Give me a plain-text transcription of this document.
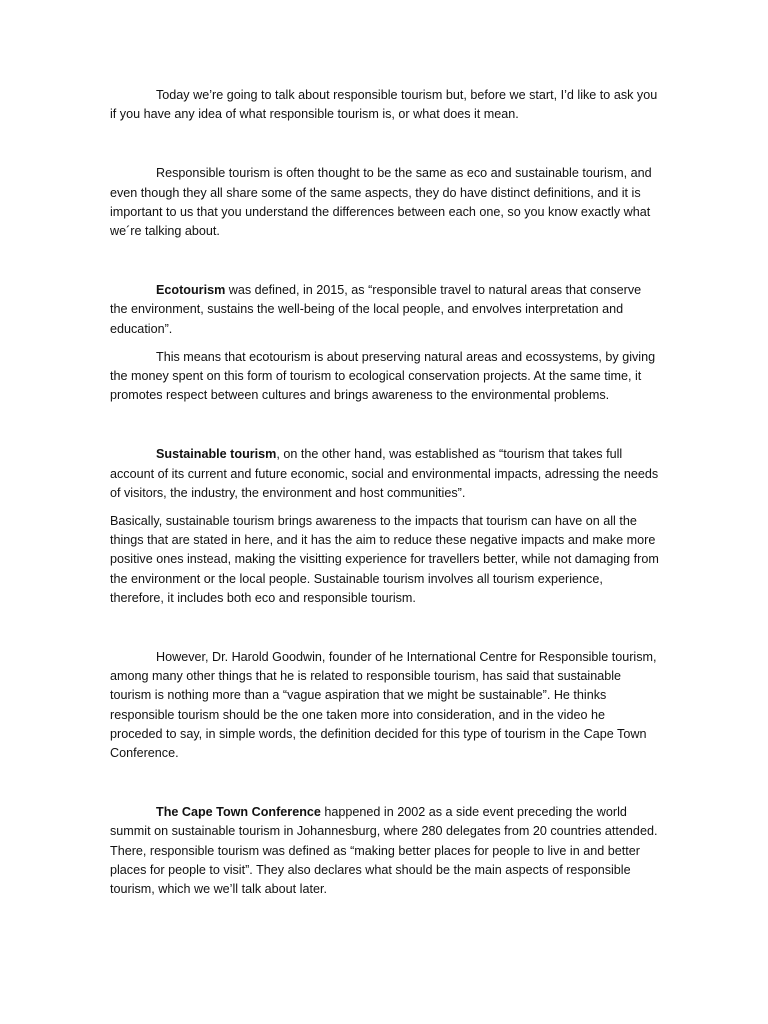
Today we’re going to talk about responsible tourism but, before we start, I’d like to ask you if you have any idea of what responsible tourism is, or what does it mean.

Responsible tourism is often thought to be the same as eco and sustainable tourism, and even though they all share some of the same aspects, they do have distinct definitions, and it is important to us that you understand the differences between each one, so you know exactly what we´re talking about.

Ecotourism was defined, in 2015, as “responsible travel to natural areas that conserve the environment, sustains the well-being of the local people, and envolves interpretation and education”.

This means that ecotourism is about preserving natural areas and ecossystems, by giving the money spent on this form of tourism to ecological conservation projects. At the same time, it promotes respect between cultures and brings awareness to the environmental problems.

Sustainable tourism, on the other hand, was established as “tourism that takes full account of its current and future economic, social and environmental impacts, adressing the needs of visitors, the industry, the environment and host communities”.

Basically, sustainable tourism brings awareness to the impacts that tourism can have on all the things that are stated in here, and it has the aim to reduce these negative impacts and make more positive ones instead, making the visitting experience for travellers better, while not damaging from the environment or the local people. Sustainable tourism involves all tourism experience, therefore, it includes both eco and responsible tourism.

However, Dr. Harold Goodwin, founder of he International Centre for Responsible tourism, among many other things that he is related to responsible tourism, has said that sustainable tourism is nothing more than a “vague aspiration that we might be sustainable”. He thinks responsible tourism should be the one taken more into consideration, and in the video he proceded to say, in simple words, the definition decided for this type of tourism in the Cape Town Conference.

The Cape Town Conference happened in 2002 as a side event preceding the world summit on sustainable tourism in Johannesburg, where 280 delegates from 20 countries attended. There, responsible tourism was defined as “making better places for people to live in and better places for people to visit”. They also declares what should be the main aspects of responsible tourism, which we we’ll talk about later.
